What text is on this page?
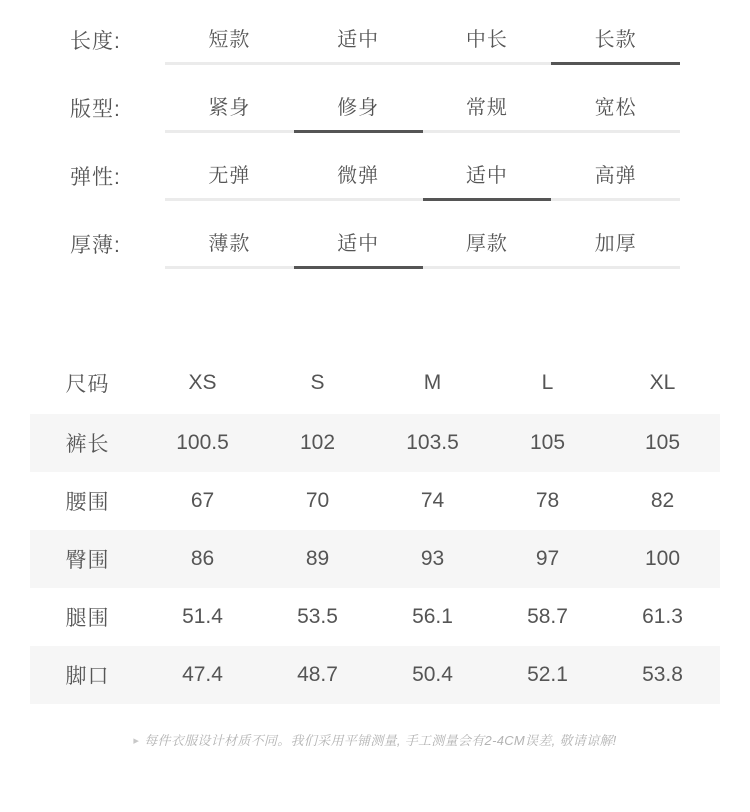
长度:	短款	适中	中长	长款
版型:	紧身	修身	常规	宽松
弹性:	无弹	微弹	适中	高弹
厚薄:	薄款	适中	厚款	加厚
尺码	XS	S	M	L	XL
裤长	100.5	102	103.5	105	105
腰围	67	70	74	78	82
臀围	86	89	93	97	100
腿围	51.4	53.5	56.1	58.7	61.3
脚口	47.4	48.7	50.4	52.1	53.8
▸ 每件衣服设计材质不同。我们采用平铺测量, 手工测量会有2-4CM误差, 敬请谅解!
